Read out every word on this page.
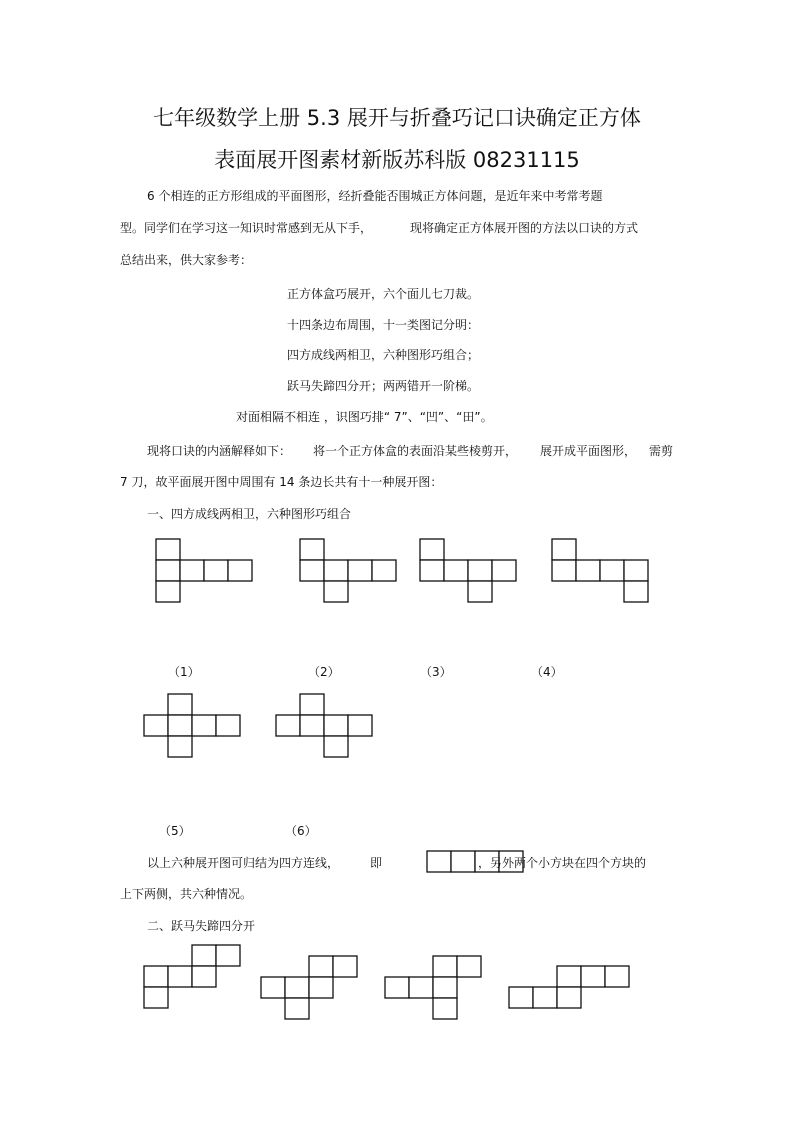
七年级数学上册 5.3 展开与折叠巧记口诀确定正方体
表面展开图素材新版苏科版 08231115
6 个相连的正方形组成的平面图形，经折叠能否围城正方体问题，是近年来中考常考题
型。同学们在学习这一知识时常感到无从下手，	现将确定正方体展开图的方法以口诀的方式
总结出来，供大家参考：
正方体盒巧展开，六个面儿七刀裁。
十四条边布周围，十一类图记分明：
四方成线两相卫，六种图形巧组合；
跃马失蹄四分开；两两错开一阶梯。
对面相隔不相连 ，识图巧排“ 7”、“凹”、“田”。
现将口诀的内涵解释如下： 将一个正方体盒的表面沿某些棱剪开， 展开成平面图形， 需剪
7 刀，故平面展开图中周围有 14 条边长共有十一种展开图：
一、四方成线两相卫，六种图形巧组合
（1）	（2）	（3）	（4）
（5）	（6）
以上六种展开图可归结为四方连线，	即	，另外两个小方块在四个方块的
上下两侧，共六种情况。
二、跃马失蹄四分开
